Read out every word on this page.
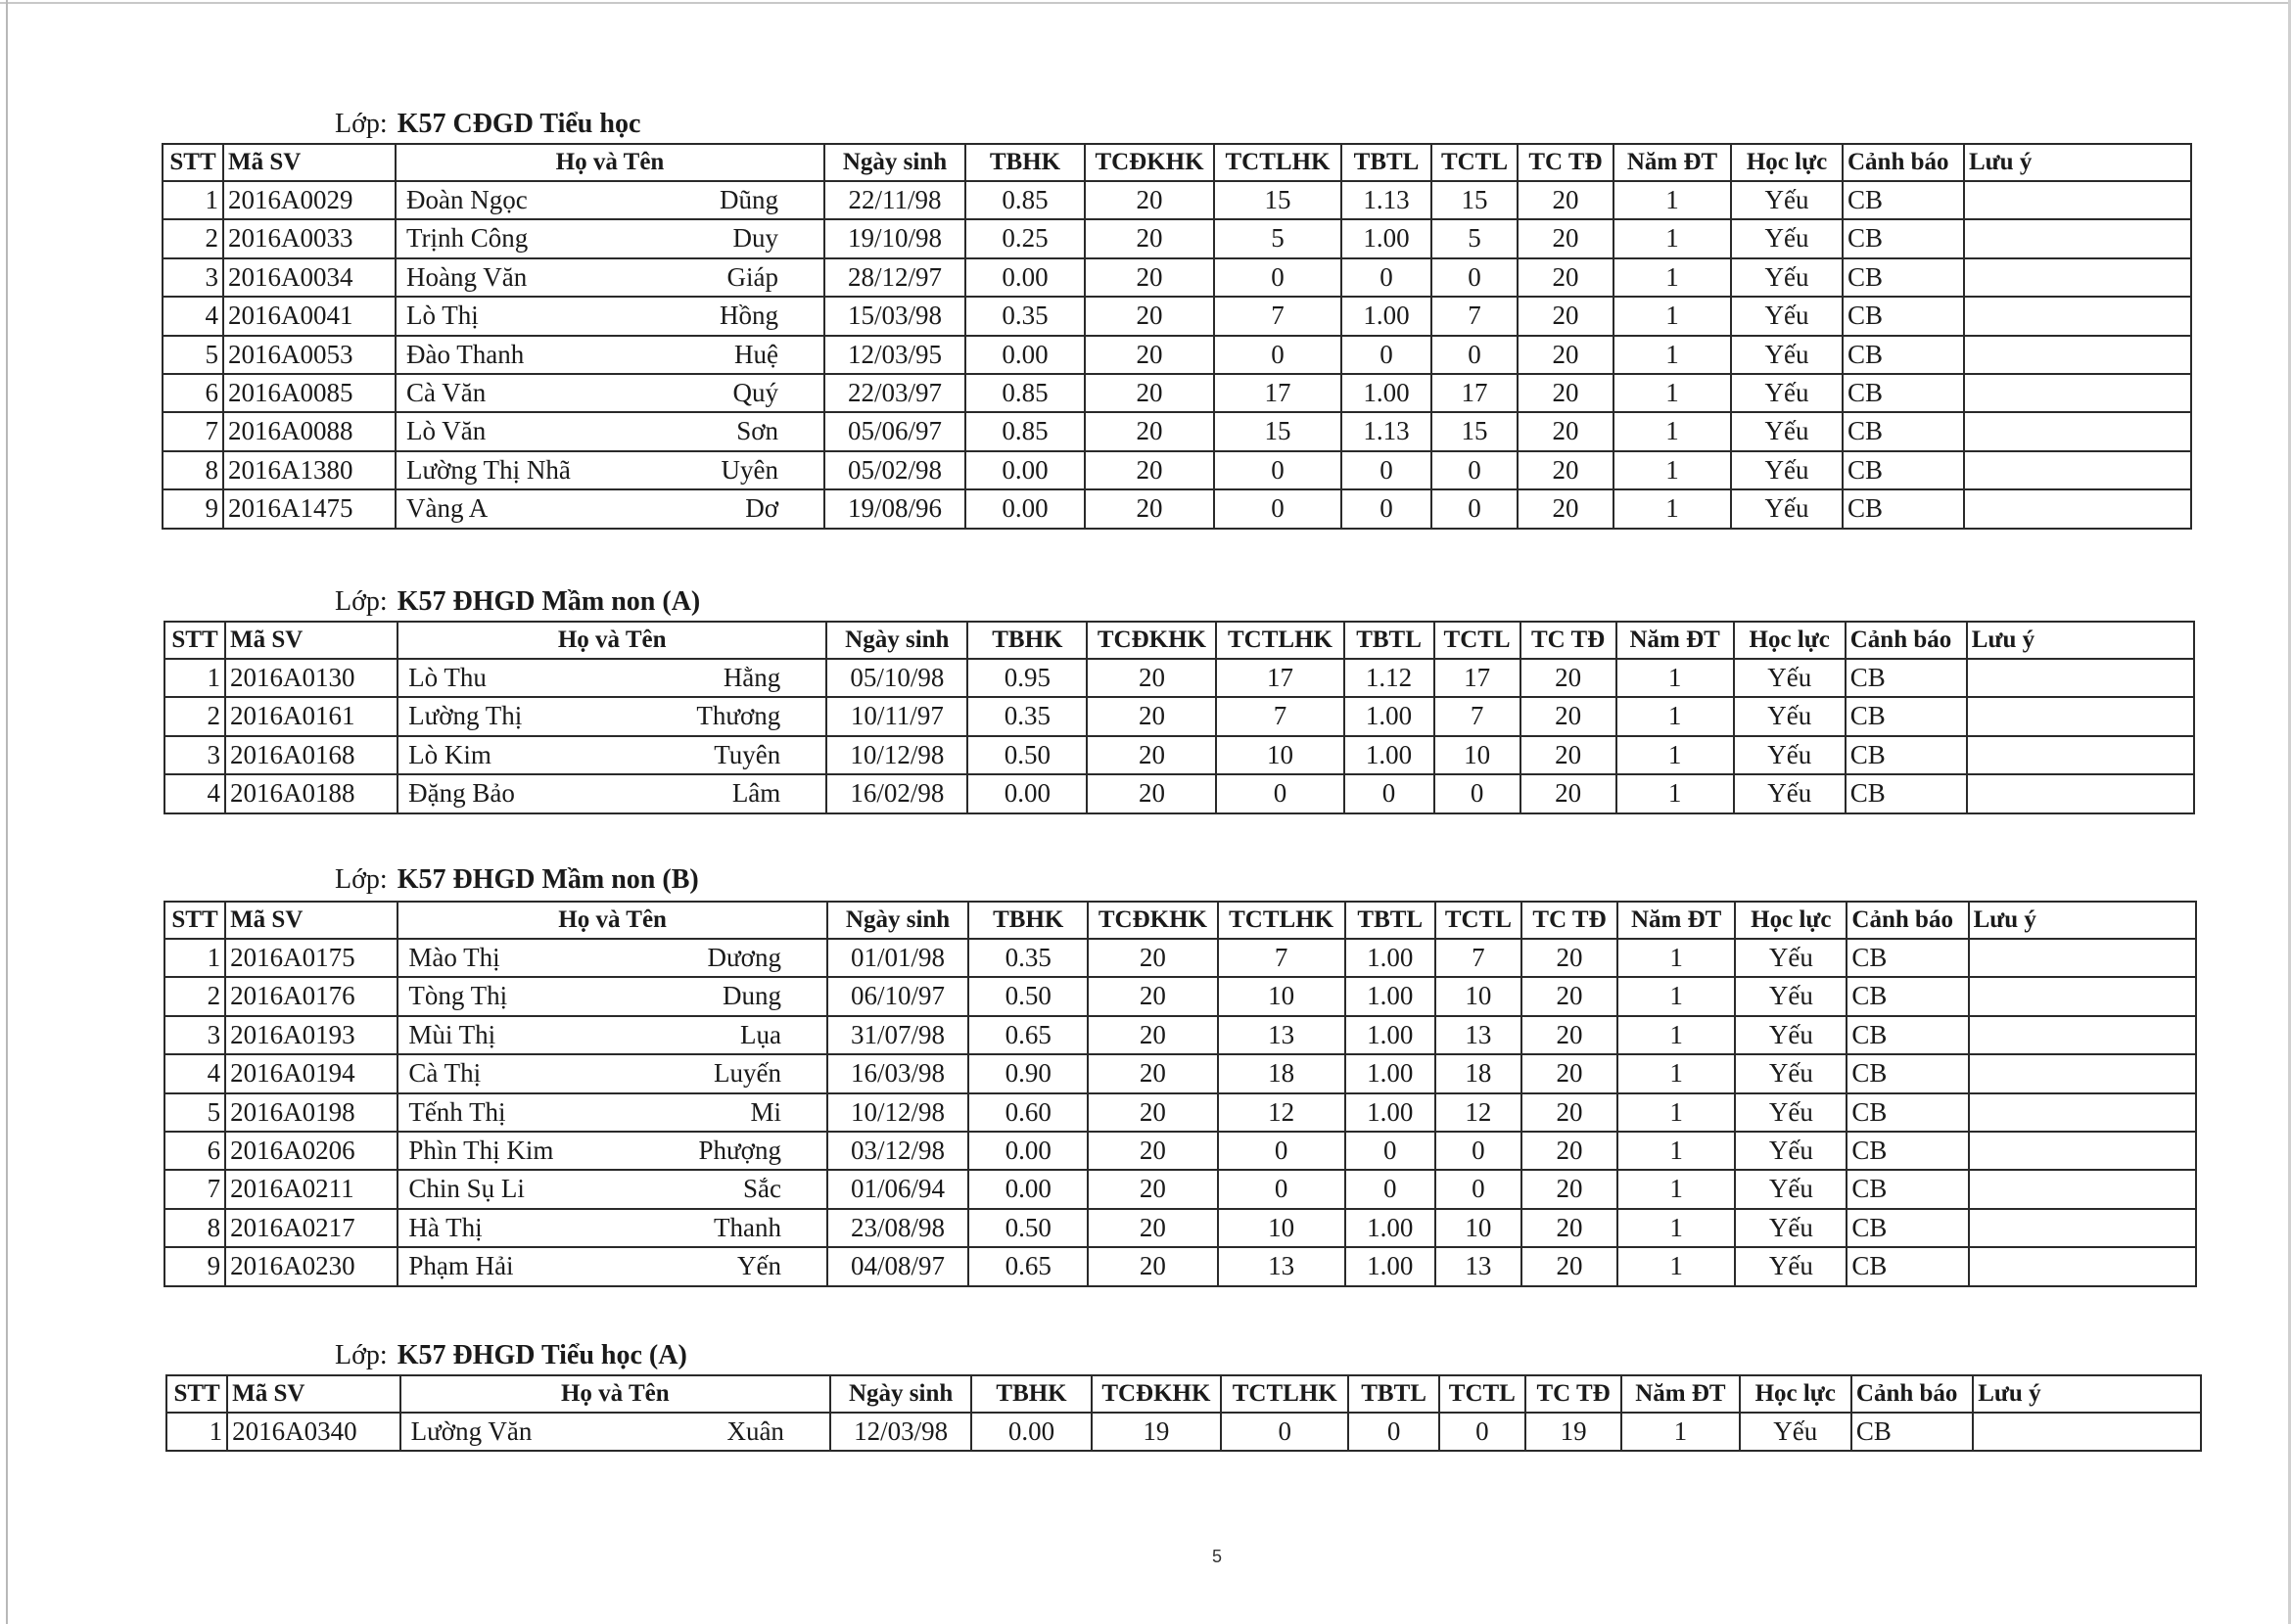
5
Lớp: K57 CĐGD Tiểu học
STT	Mã SV	Họ và Tên	Ngày sinh	TBHK	TCĐKHK	TCTLHK	TBTL	TCTL	TC TĐ	Năm ĐT	Học lực	Cảnh báo	Lưu ý
1	2016A0029	Đoàn Ngọc Dũng	22/11/98	0.85	20	15	1.13	15	20	1	Yếu	CB	
2	2016A0033	Trịnh Công Duy	19/10/98	0.25	20	5	1.00	5	20	1	Yếu	CB	
3	2016A0034	Hoàng Văn Giáp	28/12/97	0.00	20	0	0	0	20	1	Yếu	CB	
4	2016A0041	Lò Thị Hồng	15/03/98	0.35	20	7	1.00	7	20	1	Yếu	CB	
5	2016A0053	Đào Thanh Huệ	12/03/95	0.00	20	0	0	0	20	1	Yếu	CB	
6	2016A0085	Cà Văn Quý	22/03/97	0.85	20	17	1.00	17	20	1	Yếu	CB	
7	2016A0088	Lò Văn Sơn	05/06/97	0.85	20	15	1.13	15	20	1	Yếu	CB	
8	2016A1380	Lường Thị Nhã Uyên	05/02/98	0.00	20	0	0	0	20	1	Yếu	CB	
9	2016A1475	Vàng A Dơ	19/08/96	0.00	20	0	0	0	20	1	Yếu	CB	
Lớp: K57 ĐHGD Mầm non (A)
STT	Mã SV	Họ và Tên	Ngày sinh	TBHK	TCĐKHK	TCTLHK	TBTL	TCTL	TC TĐ	Năm ĐT	Học lực	Cảnh báo	Lưu ý
1	2016A0130	Lò Thu Hằng	05/10/98	0.95	20	17	1.12	17	20	1	Yếu	CB	
2	2016A0161	Lường Thị Thương	10/11/97	0.35	20	7	1.00	7	20	1	Yếu	CB	
3	2016A0168	Lò Kim Tuyên	10/12/98	0.50	20	10	1.00	10	20	1	Yếu	CB	
4	2016A0188	Đặng Bảo Lâm	16/02/98	0.00	20	0	0	0	20	1	Yếu	CB	
Lớp: K57 ĐHGD Mầm non (B)
STT	Mã SV	Họ và Tên	Ngày sinh	TBHK	TCĐKHK	TCTLHK	TBTL	TCTL	TC TĐ	Năm ĐT	Học lực	Cảnh báo	Lưu ý
1	2016A0175	Mào Thị Dương	01/01/98	0.35	20	7	1.00	7	20	1	Yếu	CB	
2	2016A0176	Tòng Thị Dung	06/10/97	0.50	20	10	1.00	10	20	1	Yếu	CB	
3	2016A0193	Mùi Thị Lụa	31/07/98	0.65	20	13	1.00	13	20	1	Yếu	CB	
4	2016A0194	Cà Thị Luyến	16/03/98	0.90	20	18	1.00	18	20	1	Yếu	CB	
5	2016A0198	Tếnh Thị Mi	10/12/98	0.60	20	12	1.00	12	20	1	Yếu	CB	
6	2016A0206	Phìn Thị Kim Phượng	03/12/98	0.00	20	0	0	0	20	1	Yếu	CB	
7	2016A0211	Chin Sụ Li Sắc	01/06/94	0.00	20	0	0	0	20	1	Yếu	CB	
8	2016A0217	Hà Thị Thanh	23/08/98	0.50	20	10	1.00	10	20	1	Yếu	CB	
9	2016A0230	Phạm Hải Yến	04/08/97	0.65	20	13	1.00	13	20	1	Yếu	CB	
Lớp: K57 ĐHGD Tiểu học (A)
STT	Mã SV	Họ và Tên	Ngày sinh	TBHK	TCĐKHK	TCTLHK	TBTL	TCTL	TC TĐ	Năm ĐT	Học lực	Cảnh báo	Lưu ý
1	2016A0340	Lường Văn Xuân	12/03/98	0.00	19	0	0	0	19	1	Yếu	CB	
